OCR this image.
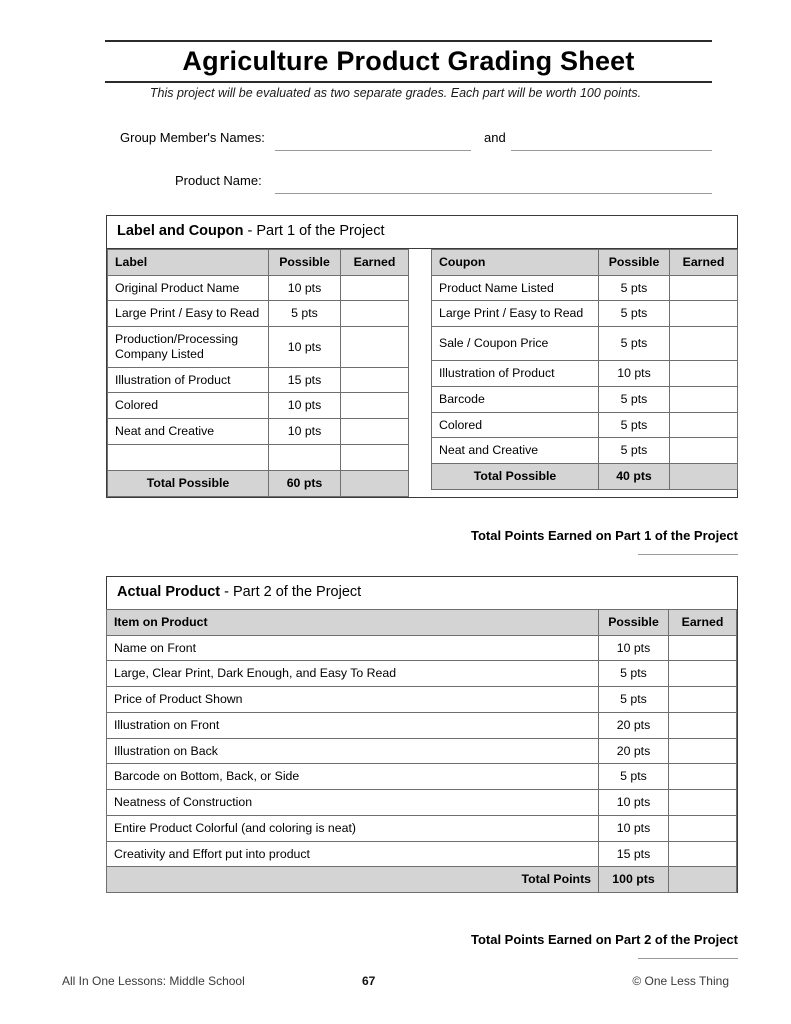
Agriculture Product Grading Sheet
This project will be evaluated as two separate grades. Each part will be worth 100 points.
Group Member's Names:	and
Product Name:
Label and Coupon - Part 1 of the Project
Label	Possible	Earned
Original Product Name	10 pts	
Large Print / Easy to Read	5 pts	
Production/Processing Company Listed	10 pts	
Illustration of Product	15 pts	
Colored	10 pts	
Neat and Creative	10 pts	

Total Possible	60 pts	
Coupon	Possible	Earned
Product Name Listed	5 pts	
Large Print / Easy to Read	5 pts	
Sale / Coupon Price	5 pts	
Illustration of Product	10 pts	
Barcode	5 pts	
Colored	5 pts	
Neat and Creative	5 pts	
Total Possible	40 pts	
Total Points Earned on Part 1 of the Project
Actual Product - Part 2 of the Project
Item on Product	Possible	Earned
Name on Front	10 pts	
Large, Clear Print, Dark Enough, and Easy To Read	5 pts	
Price of Product Shown	5 pts	
Illustration on Front	20 pts	
Illustration on Back	20 pts	
Barcode on Bottom, Back, or Side	5 pts	
Neatness of Construction	10 pts	
Entire Product Colorful (and coloring is neat)	10 pts	
Creativity and Effort put into product	15 pts	
Total Points	100 pts	
Total Points Earned on Part 2 of the Project
All In One Lessons: Middle School	67	© One Less Thing
